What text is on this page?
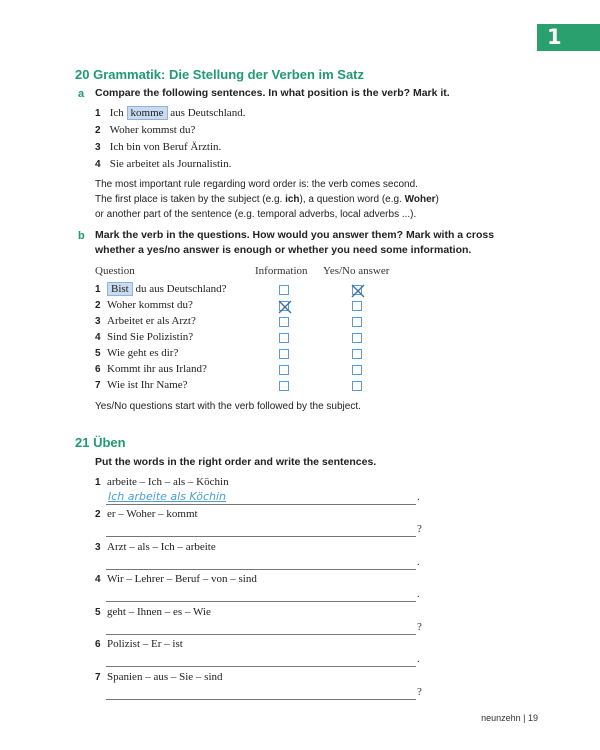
1
20 Grammatik: Die Stellung der Verben im Satz
a Compare the following sentences. In what position is the verb? Mark it.
1 Ich komme aus Deutschland.
2 Woher kommst du?
3 Ich bin von Beruf Ärztin.
4 Sie arbeitet als Journalistin.
The most important rule regarding word order is: the verb comes second.
The first place is taken by the subject (e.g. ich), a question word (e.g. Woher)
or another part of the sentence (e.g. temporal adverbs, local adverbs ...).
b Mark the verb in the questions. How would you answer them? Mark with a cross
whether a yes/no answer is enough or whether you need some information.
Question	Information Yes/No answer
1 Bist du aus Deutschland?
2 Woher kommst du?
3 Arbeitet er als Arzt?
4 Sind Sie Polizistin?
5 Wie geht es dir?
6 Kommt ihr aus Irland?
7 Wie ist Ihr Name?
Yes/No questions start with the verb followed by the subject.
21 Üben
Put the words in the right order and write the sentences.
1 arbeite – Ich – als – Köchin
.
Ich arbeite als Köchin
2 er – Woher – kommt
?
3 Arzt – als – Ich – arbeite
.
4 Wir – Lehrer – Beruf – von – sind
.
5 geht – Ihnen – es – Wie
?
6 Polizist – Er – ist
.
7 Spanien – aus – Sie – sind
?
neunzehn | 19
